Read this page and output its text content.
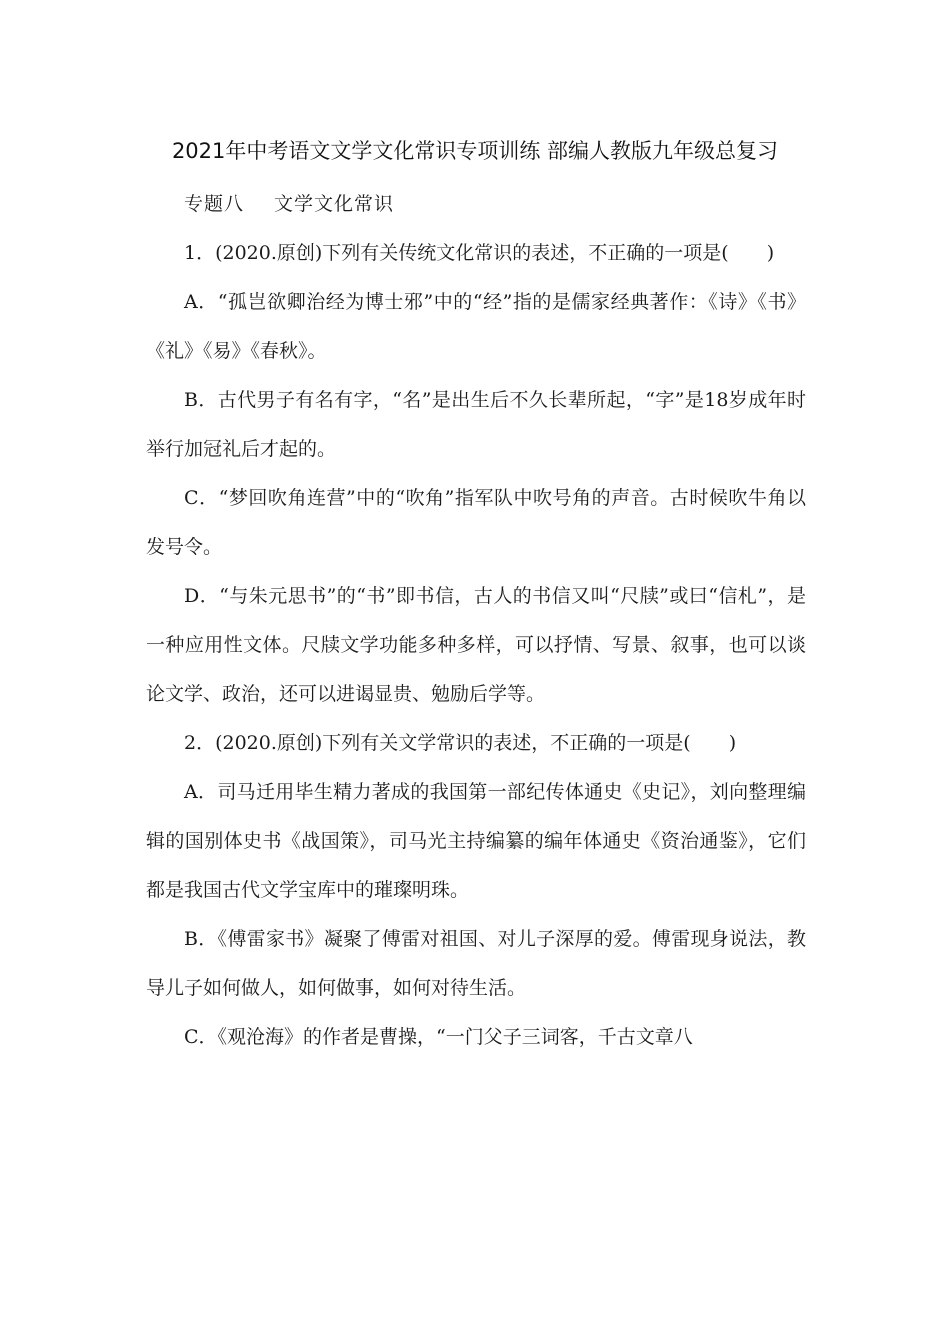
2021年中考语文文学文化常识专项训练 部编人教版九年级总复习

专题八 文学文化常识

1．(2020.原创)下列有关传统文化常识的表述，不正确的一项是(　　)

A．“孤岂欲卿治经为博士邪”中的“经”指的是儒家经典著作：《诗》《书》《礼》《易》《春秋》。

B．古代男子有名有字，“名”是出生后不久长辈所起，“字”是18岁成年时举行加冠礼后才起的。

C．“梦回吹角连营”中的“吹角”指军队中吹号角的声音。古时候吹牛角以发号令。

D．“与朱元思书”的“书”即书信，古人的书信又叫“尺牍”或曰“信札”，是一种应用性文体。尺牍文学功能多种多样，可以抒情、写景、叙事，也可以谈论文学、政治，还可以进谒显贵、勉励后学等。

2．(2020.原创)下列有关文学常识的表述，不正确的一项是(　　)

A．司马迁用毕生精力著成的我国第一部纪传体通史《史记》，刘向整理编辑的国别体史书《战国策》，司马光主持编纂的编年体通史《资治通鉴》，它们都是我国古代文学宝库中的璀璨明珠。

B．《傅雷家书》凝聚了傅雷对祖国、对儿子深厚的爱。傅雷现身说法，教导儿子如何做人，如何做事，如何对待生活。

C．《观沧海》的作者是曹操，“一门父子三词客，千古文章八
